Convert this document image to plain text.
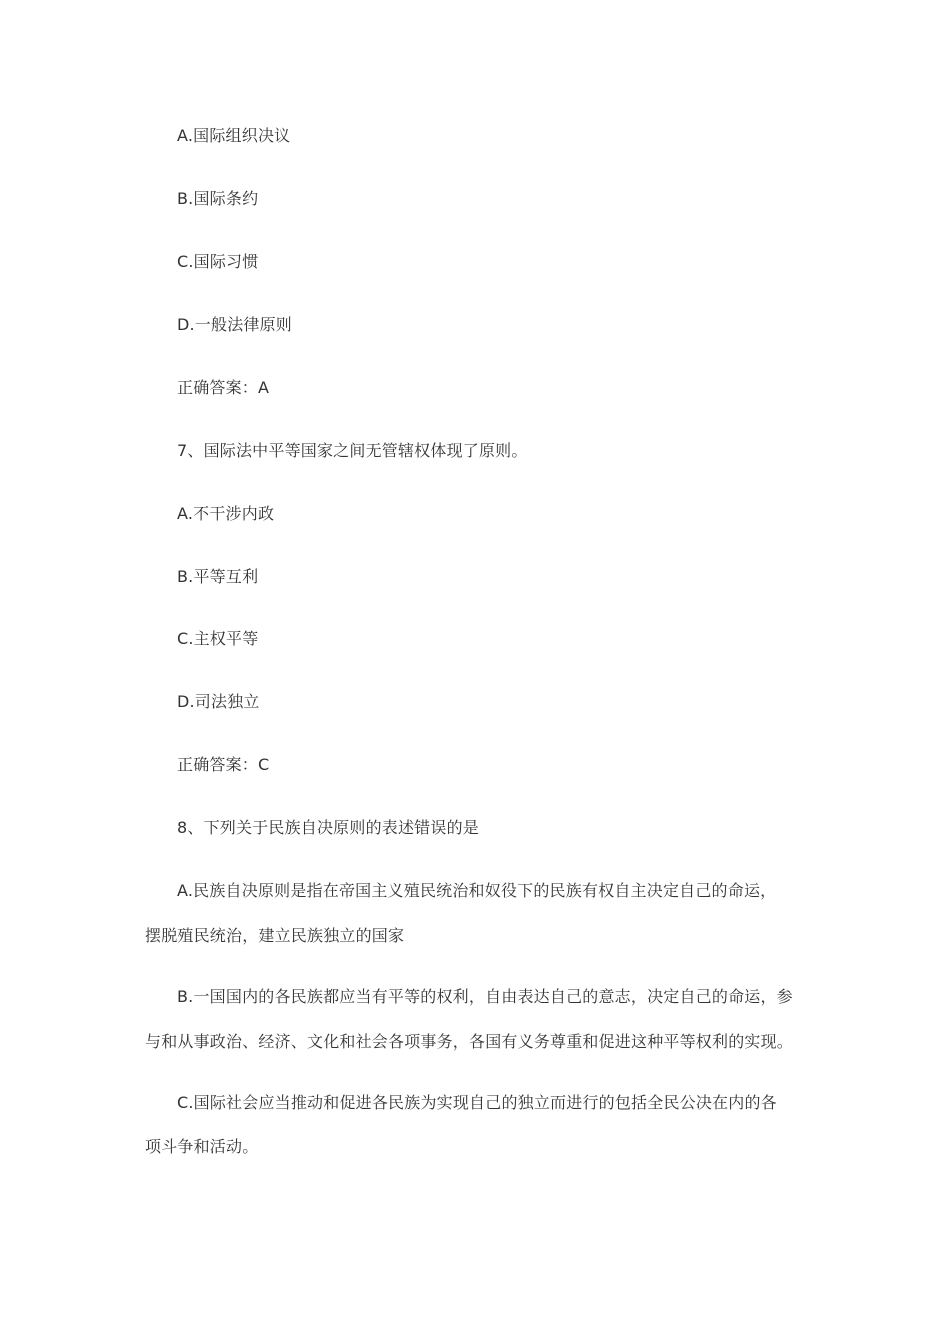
A.国际组织决议
B.国际条约
C.国际习惯
D.一般法律原则
正确答案：A
7、国际法中平等国家之间无管辖权体现了原则。
A.不干涉内政
B.平等互利
C.主权平等
D.司法独立
正确答案：C
8、下列关于民族自决原则的表述错误的是
A.民族自决原则是指在帝国主义殖民统治和奴役下的民族有权自主决定自己的命运，
摆脱殖民统治，建立民族独立的国家
B.一国国内的各民族都应当有平等的权利，自由表达自己的意志，决定自己的命运，参
与和从事政治、经济、文化和社会各项事务，各国有义务尊重和促进这种平等权利的实现。
C.国际社会应当推动和促进各民族为实现自己的独立而进行的包括全民公决在内的各
项斗争和活动。
